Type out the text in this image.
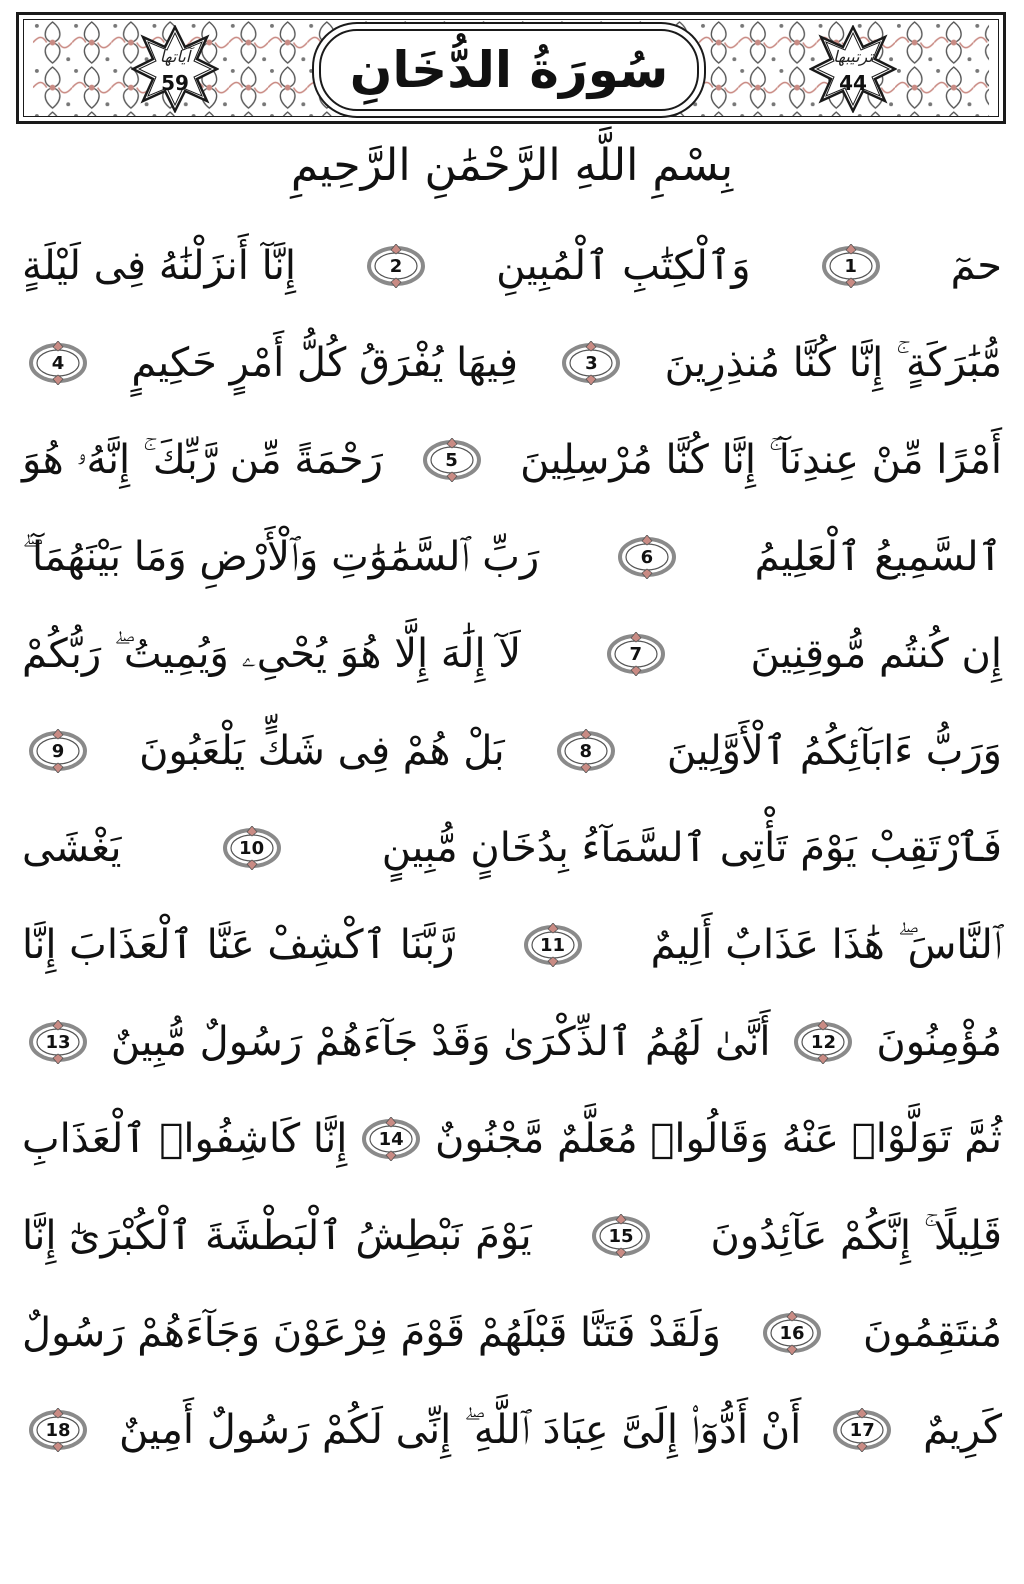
آياتها
59	سُورَةُ الدُّخَانِ	ترتيبها
44
بِسْمِ اللَّهِ الرَّحْمَٰنِ الرَّحِيمِ
حمٓ
1
وَٱلْكِتَٰبِ ٱلْمُبِينِ
2
إِنَّآ أَنزَلْنَٰهُ فِى لَيْلَةٍ
مُّبَٰرَكَةٍ ۚ إِنَّا كُنَّا مُنذِرِينَ
3
فِيهَا يُفْرَقُ كُلُّ أَمْرٍ حَكِيمٍ
4
أَمْرًا مِّنْ عِندِنَآ ۚ إِنَّا كُنَّا مُرْسِلِينَ
5
رَحْمَةً مِّن رَّبِّكَ ۚ إِنَّهُۥ هُوَ
ٱلسَّمِيعُ ٱلْعَلِيمُ
6
رَبِّ ٱلسَّمَٰوَٰتِ وَٱلْأَرْضِ وَمَا بَيْنَهُمَآ ۖ
إِن كُنتُم مُّوقِنِينَ
7
لَآ إِلَٰهَ إِلَّا هُوَ يُحْىِۦ وَيُمِيتُ ۖ رَبُّكُمْ
وَرَبُّ ءَابَآئِكُمُ ٱلْأَوَّلِينَ
8
بَلْ هُمْ فِى شَكٍّ يَلْعَبُونَ
9
فَٱرْتَقِبْ يَوْمَ تَأْتِى ٱلسَّمَآءُ بِدُخَانٍ مُّبِينٍ
10
يَغْشَى
ٱلنَّاسَ ۖ هَٰذَا عَذَابٌ أَلِيمٌ
11
رَّبَّنَا ٱكْشِفْ عَنَّا ٱلْعَذَابَ إِنَّا
مُؤْمِنُونَ
12
أَنَّىٰ لَهُمُ ٱلذِّكْرَىٰ وَقَدْ جَآءَهُمْ رَسُولٌ مُّبِينٌ
13
ثُمَّ تَوَلَّوْا۟ عَنْهُ وَقَالُوا۟ مُعَلَّمٌ مَّجْنُونٌ
14
إِنَّا كَاشِفُوا۟ ٱلْعَذَابِ
قَلِيلًا ۚ إِنَّكُمْ عَآئِدُونَ
15
يَوْمَ نَبْطِشُ ٱلْبَطْشَةَ ٱلْكُبْرَىٰٓ إِنَّا
مُنتَقِمُونَ
16
وَلَقَدْ فَتَنَّا قَبْلَهُمْ قَوْمَ فِرْعَوْنَ وَجَآءَهُمْ رَسُولٌ
كَرِيمٌ
17
أَنْ أَدُّوٓا۟ إِلَىَّ عِبَادَ ٱللَّهِ ۖ إِنِّى لَكُمْ رَسُولٌ أَمِينٌ
18
